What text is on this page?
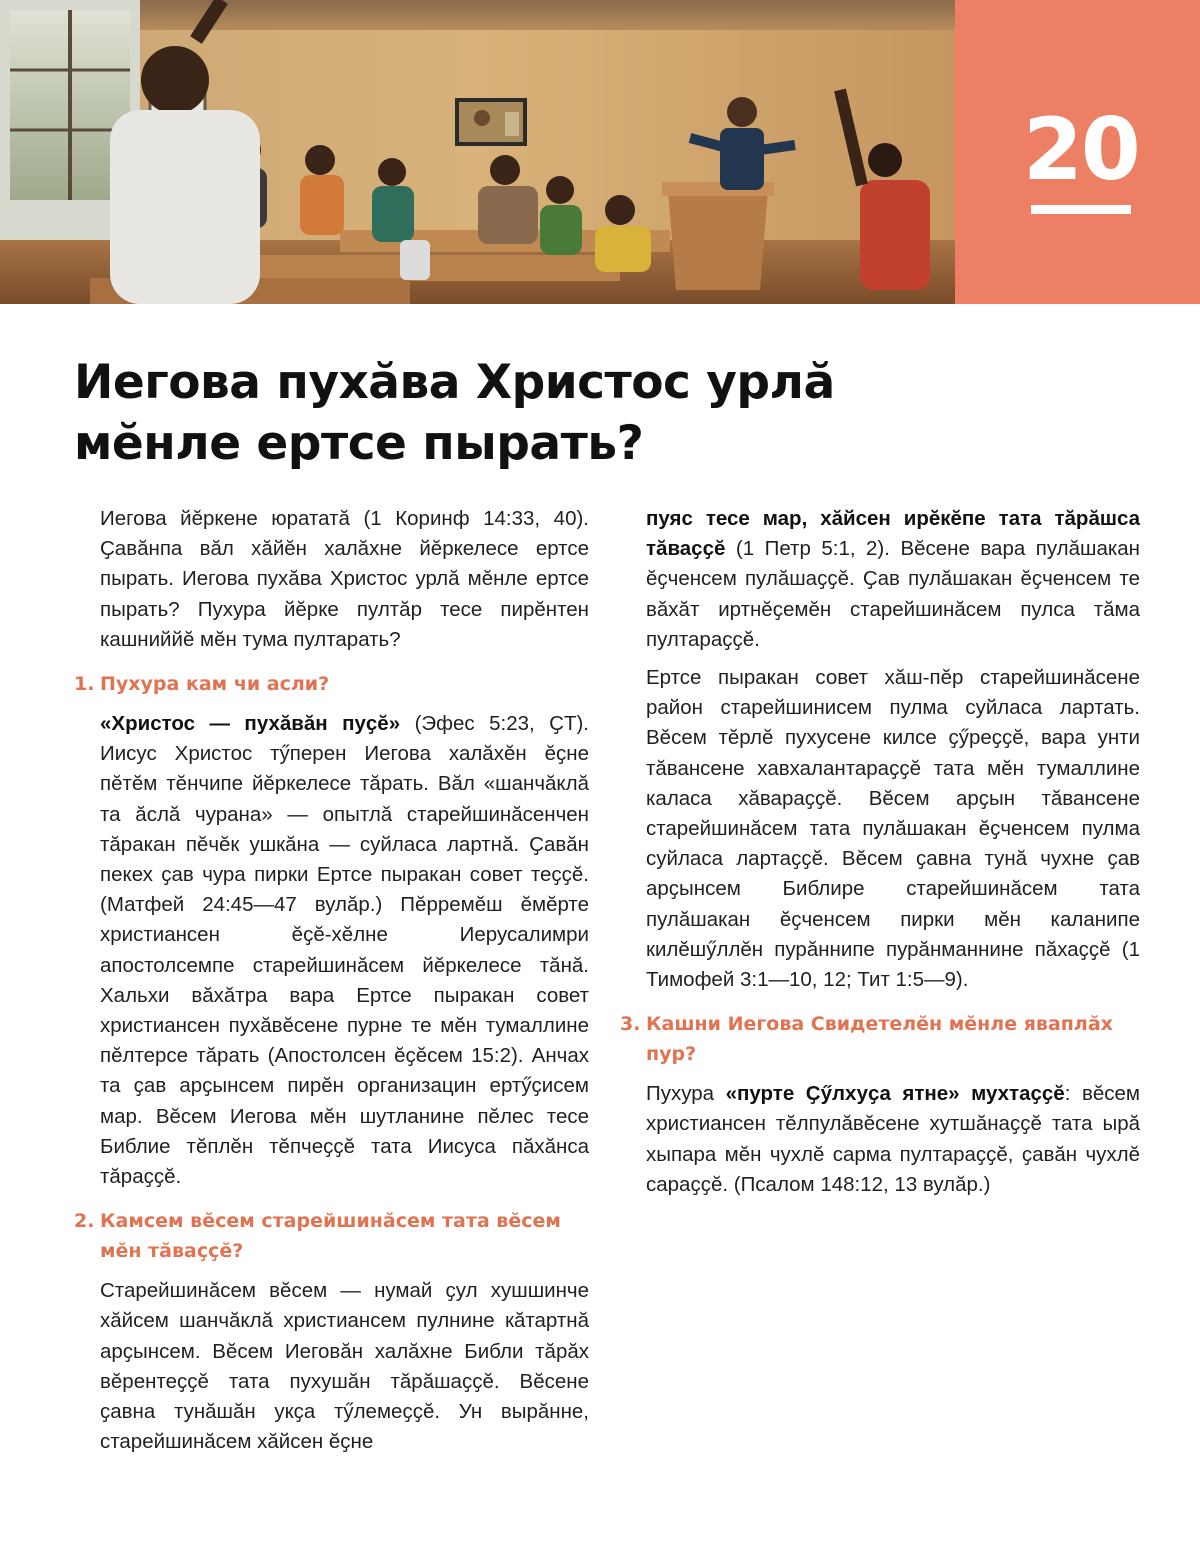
20
Иегова пухӑва Христос урлӑ
мӗнле ертсе пырать?

Иегова йӗркене юрататӑ (1 Коринф 14:33, 40). Ҫавӑнпа вӑл хӑйӗн халӑхне йӗркелесе ертсе пырать. Иегова пухӑва Христос урлӑ мӗнле ертсе пырать? Пухура йӗрке пултӑр тесе пирӗнтен кашниййӗ мӗн тума пултарать?

1. Пухура кам чи асли?

«Христос — пухӑвӑн пуҫӗ» (Эфес 5:23, ҪТ). Иисус Христос тӳперен Иегова халӑхӗн ӗҫне пӗтӗм тӗнчипе йӗркелесе тӑрать. Вӑл «шанчӑклӑ та ӑслӑ чурана» — опытлӑ старейшинӑсенчен тӑракан пӗчӗк ушкӑна — суйласа лартнӑ. Ҫавӑн пекех ҫав чура пирки Ертсе пыракан совет теҫҫӗ. (Матфей 24:45—47 вулӑр.) Пӗрремӗш ӗмӗрте христиансен ӗҫӗ-хӗлне Иерусалимри апостолсемпе старейшинӑсем йӗркелесе тӑнӑ. Хальхи вӑхӑтра вара Ертсе пыракан совет христиансен пухӑвӗсене пурне те мӗн тумаллине пӗлтерсе тӑрать (Апостолсен ӗҫӗсем 15:2). Анчах та ҫав арҫынсем пирӗн организацин ертӳҫисем мар. Вӗсем Иегова мӗн шутланине пӗлес тесе Библие тӗплӗн тӗпчеҫҫӗ тата Иисуса пӑхӑнса тӑраҫҫӗ.

2. Камсем вӗсем старейшинӑсем тата вӗсем мӗн тӑваҫҫӗ?

Старейшинӑсем вӗсем — нумай ҫул хушшинче хӑйсем шанчӑклӑ христиансем пулнине кӑтартнӑ арҫынсем. Вӗсем Иеговӑн халӑхне Библи тӑрӑх вӗрентеҫҫӗ тата пухушӑн тӑрӑшаҫҫӗ. Вӗсене ҫавна тунӑшӑн укҫа тӳлемеҫҫӗ. Ун вырӑнне, старейшинӑсем хӑйсен ӗҫне

пуяс тесе мар, хӑйсен ирӗкӗпе тата тӑрӑшса тӑваҫҫӗ (1 Петр 5:1, 2). Вӗсене вара пулӑшакан ӗҫченсем пулӑшаҫҫӗ. Ҫав пулӑшакан ӗҫченсем те вӑхӑт иртнӗҫемӗн старейшинӑсем пулса тӑма пултараҫҫӗ.

Ертсе пыракан совет хӑш-пӗр старейшинӑсене район старейшинисем пулма суйласа лартать. Вӗсем тӗрлӗ пухусене килсе ҫӳреҫҫӗ, вара унти тӑвансене хавхалантараҫҫӗ тата мӗн тумаллине каласа хӑвараҫҫӗ. Вӗсем арҫын тӑвансене старейшинӑсем тата пулӑшакан ӗҫченсем пулма суйласа лартаҫҫӗ. Вӗсем ҫавна тунӑ чухне ҫав арҫынсем Библире старейшинӑсем тата пулӑшакан ӗҫченсем пирки мӗн каланипе килӗшӳллӗн пурӑннипе пурӑнманнине пӑхаҫҫӗ (1 Тимофей 3:1—10, 12; Тит 1:5—9).

3. Кашни Иегова Свидетелӗн мӗнле яваплӑх пур?

Пухура «пурте Ҫӳлхуҫа ятне» мухтаҫҫӗ: вӗсем христиансен тӗлпулӑвӗсене хутшӑнаҫҫӗ тата ырӑ хыпара мӗн чухлӗ сарма пултараҫҫӗ, ҫавӑн чухлӗ сараҫҫӗ. (Псалом 148:12, 13 вулӑр.)
